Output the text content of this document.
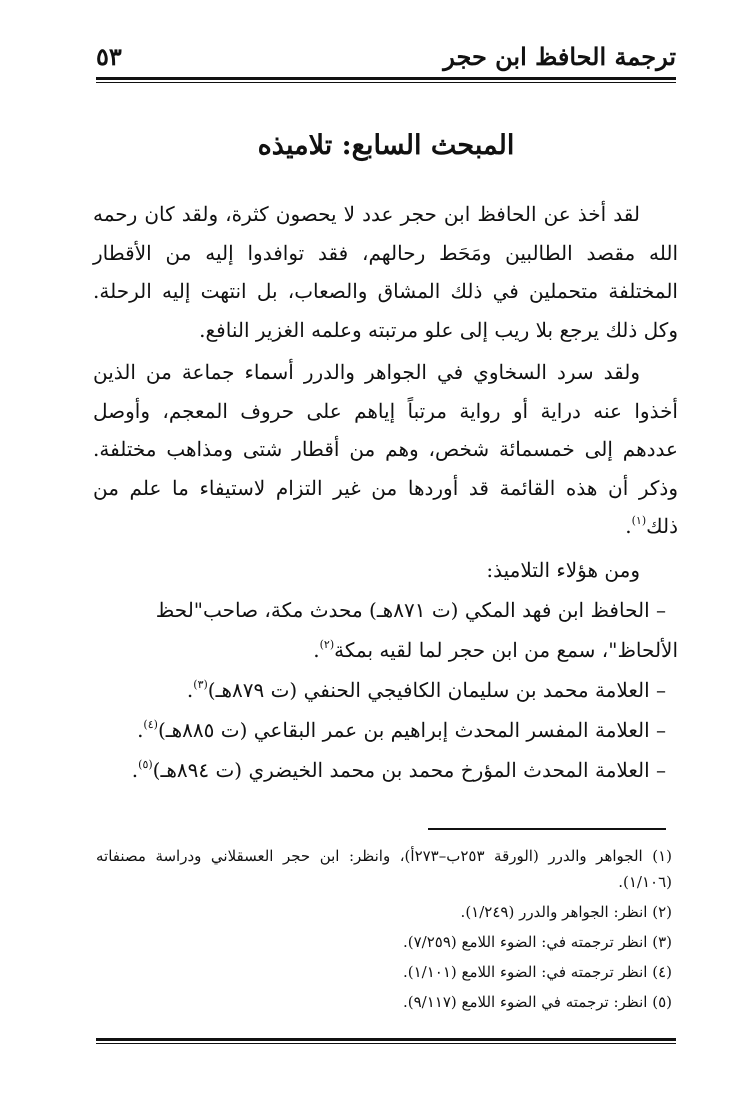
ترجمة الحافظ ابن حجر
٥٣
المبحث السابع: تلاميذه

لقد أخذ عن الحافظ ابن حجر عدد لا يحصون كثرة، ولقد كان رحمه الله مقصد الطالبين ومَحَط رحالهم، فقد توافدوا إليه من الأقطار المختلفة متحملين في ذلك المشاق والصعاب، بل انتهت إليه الرحلة. وكل ذلك يرجع بلا ريب إلى علو مرتبته وعلمه الغزير النافع.

ولقد سرد السخاوي في الجواهر والدرر أسماء جماعة من الذين أخذوا عنه دراية أو رواية مرتباً إياهم على حروف المعجم، وأوصل عددهم إلى خمسمائة شخص، وهم من أقطار شتى ومذاهب مختلفة. وذكر أن هذه القائمة قد أوردها من غير التزام لاستيفاء ما علم من ذلك$^{(١)}$.

ومن هؤلاء التلاميذ:

– الحافظ ابن فهد المكي (ت ٨٧١هـ) محدث مكة، صاحب"لحظ الألحاظ"، سمع من ابن حجر لما لقيه بمكة$^{(٢)}$.
– العلامة محمد بن سليمان الكافيجي الحنفي (ت ٨٧٩هـ)$^{(٣)}$.
– العلامة المفسر المحدث إبراهيم بن عمر البقاعي (ت ٨٨٥هـ)$^{(٤)}$.
– العلامة المحدث المؤرخ محمد بن محمد الخيضري (ت ٨٩٤هـ)$^{(٥)}$.

(١) الجواهر والدرر (الورقة ٢٥٣ب–٢٧٣أ)، وانظر: ابن حجر العسقلاني ودراسة مصنفاته (١/١٠٦).

(٢) انظر: الجواهر والدرر (١/٢٤٩).

(٣) انظر ترجمته في: الضوء اللامع (٧/٢٥٩).

(٤) انظر ترجمته في: الضوء اللامع (١/١٠١).

(٥) انظر: ترجمته في الضوء اللامع (٩/١١٧).
